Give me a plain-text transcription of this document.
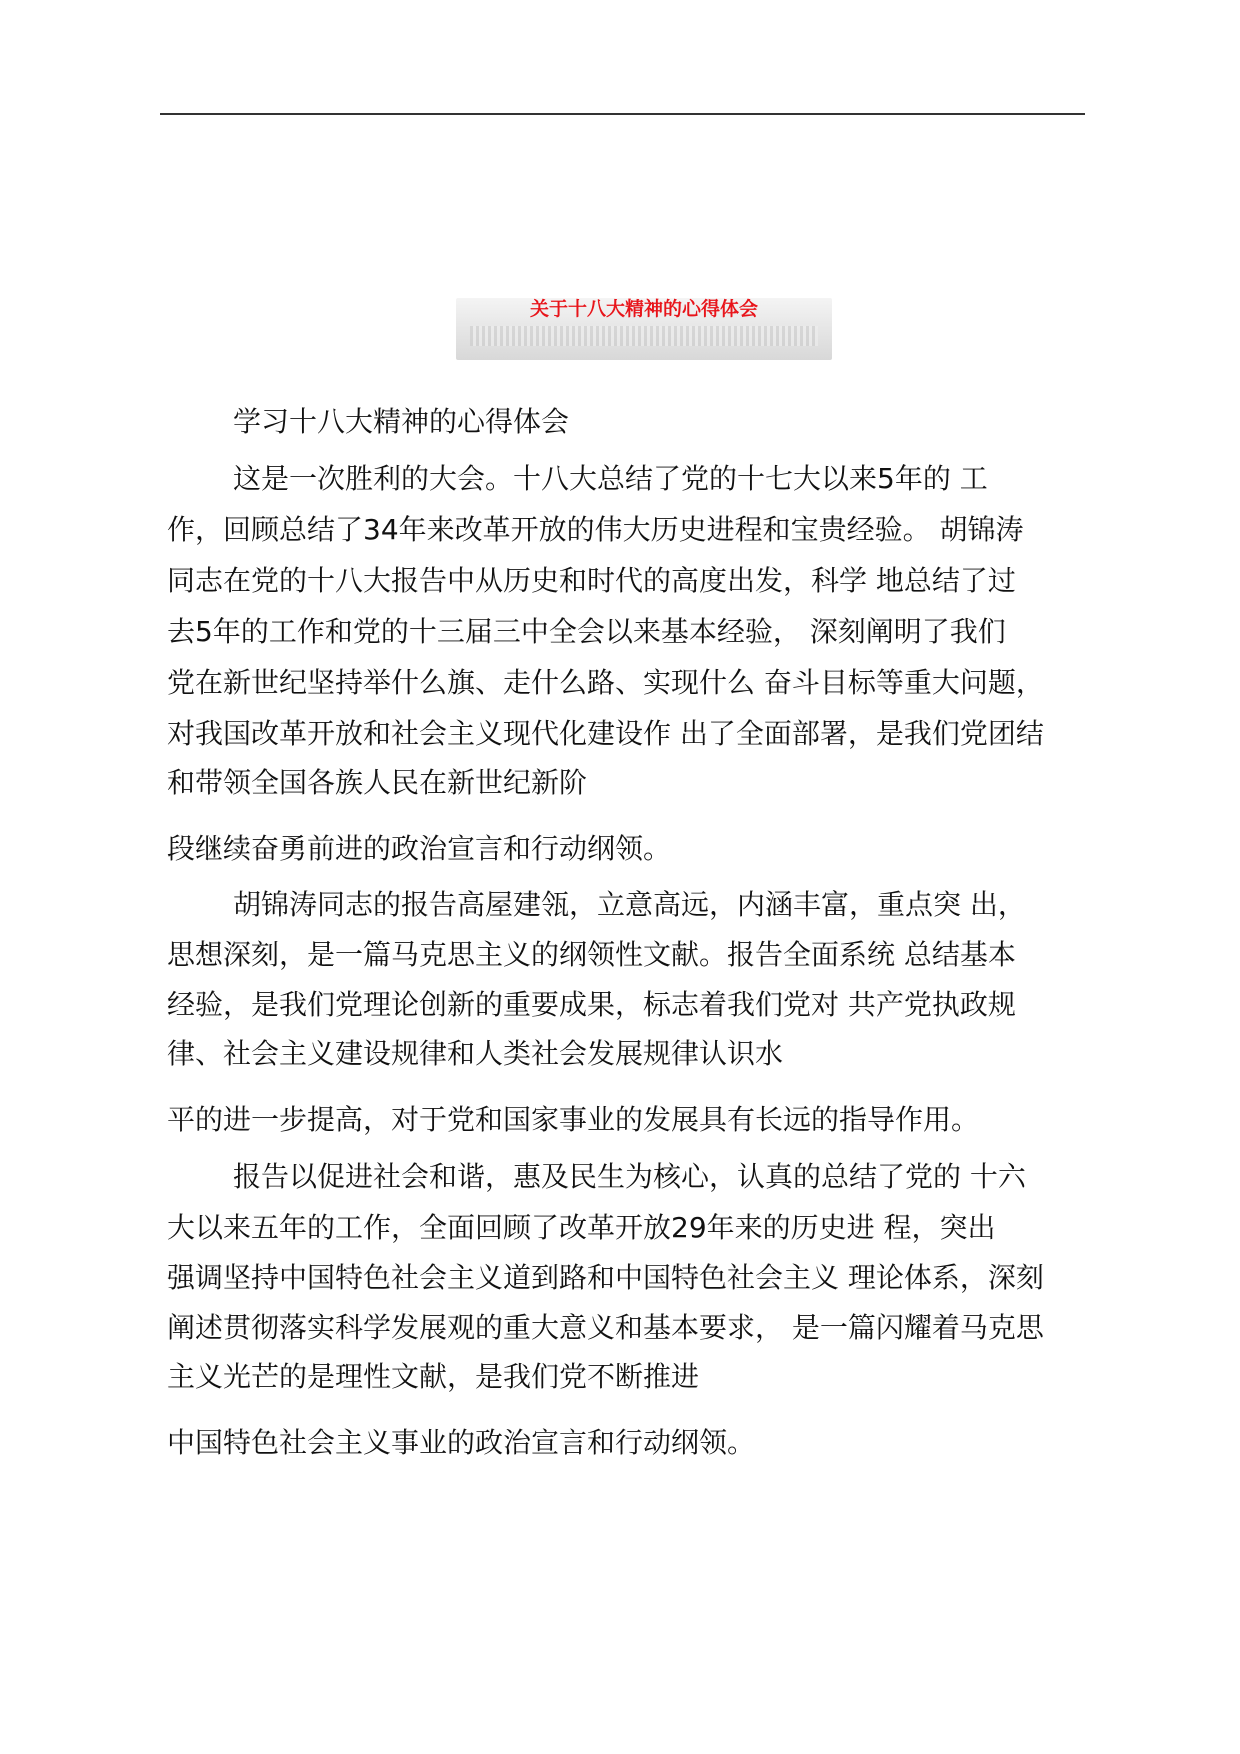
关于十八大精神的心得体会
学习十八大精神的心得体会
这是一次胜利的大会。十八大总结了党的十七大以来5年的 工
作，回顾总结了34年来改革开放的伟大历史进程和宝贵经验。 胡锦涛
同志在党的十八大报告中从历史和时代的高度出发，科学 地总结了过
去5年的工作和党的十三届三中全会以来基本经验， 深刻阐明了我们
党在新世纪坚持举什么旗、走什么路、实现什么 奋斗目标等重大问题，
对我国改革开放和社会主义现代化建设作 出了全面部署，是我们党团结
和带领全国各族人民在新世纪新阶
段继续奋勇前进的政治宣言和行动纲领。
胡锦涛同志的报告高屋建瓴，立意高远，内涵丰富，重点突 出，
思想深刻，是一篇马克思主义的纲领性文献。报告全面系统 总结基本
经验，是我们党理论创新的重要成果，标志着我们党对 共产党执政规
律、社会主义建设规律和人类社会发展规律认识水
平的进一步提高，对于党和国家事业的发展具有长远的指导作用。
报告以促进社会和谐，惠及民生为核心，认真的总结了党的 十六
大以来五年的工作，全面回顾了改革开放29年来的历史进 程，突出
强调坚持中国特色社会主义道到路和中国特色社会主义 理论体系，深刻
阐述贯彻落实科学发展观的重大意义和基本要求， 是一篇闪耀着马克思
主义光芒的是理性文献，是我们党不断推进
中国特色社会主义事业的政治宣言和行动纲领。
